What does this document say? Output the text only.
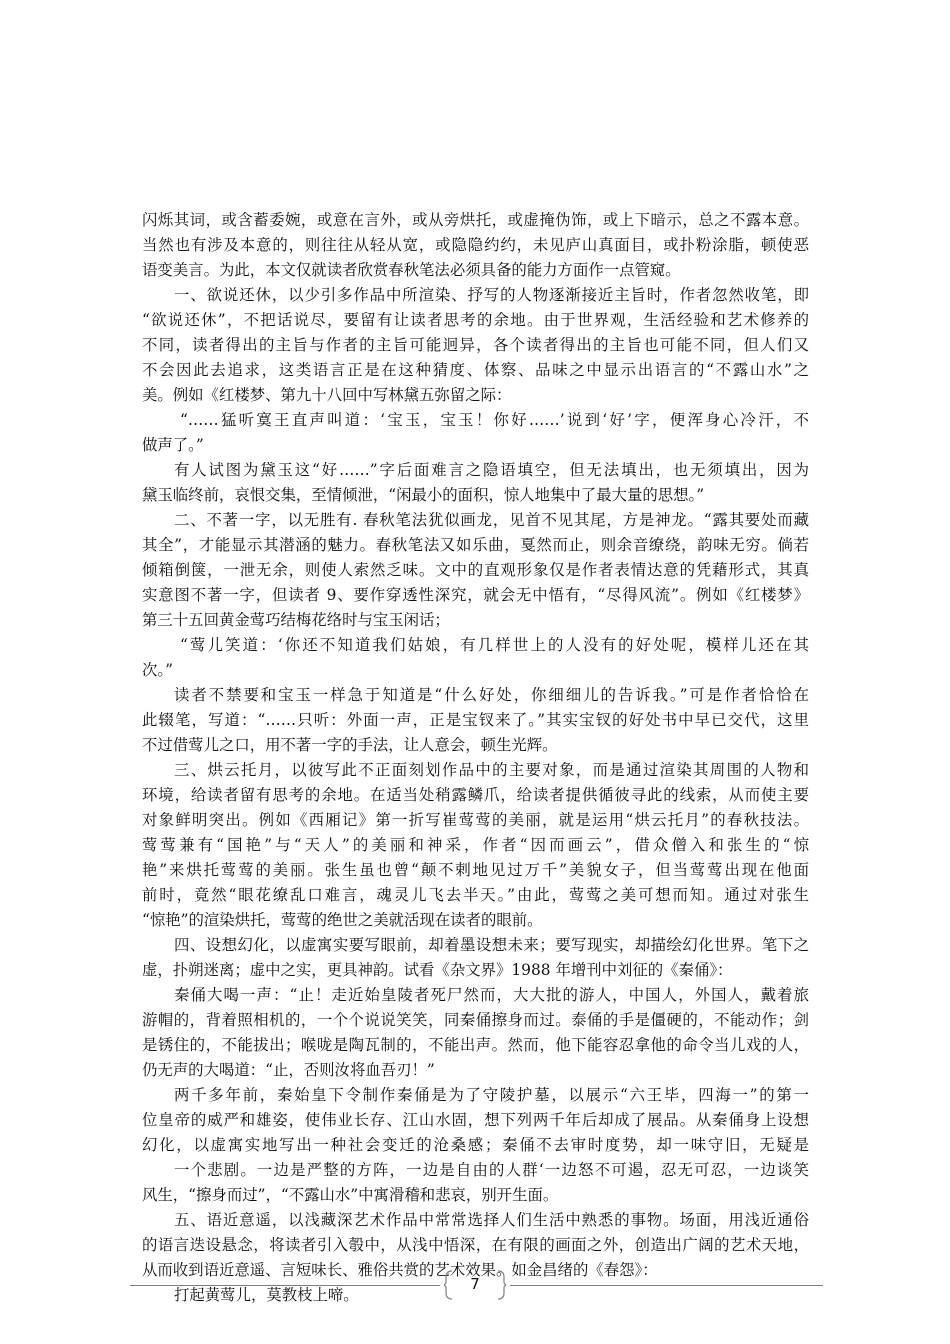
闪烁其词，或含蓄委婉，或意在言外，或从旁烘托，或虚掩伪饰，或上下暗示，总之不露本意。
当然也有涉及本意的，则往往从轻从宽，或隐隐约约，未见庐山真面目，或扑粉涂脂，顿使恶
语变美言。为此，本文仅就读者欣赏春秋笔法必须具备的能力方面作一点管窥。
一、欲说还休，以少引多作品中所渲染、抒写的人物逐渐接近主旨时，作者忽然收笔，即
“欲说还休”，不把话说尽，要留有让读者思考的余地。由于世界观，生活经验和艺术修养的
不同，读者得出的主旨与作者的主旨可能迥异，各个读者得出的主旨也可能不同，但人们又
不会因此去追求，这类语言正是在这种猜度、体察、品味之中显示出语言的“不露山水”之
美。例如《红楼梦、第九十八回中写林黛五弥留之际：
“……猛听寞王直声叫道：‘宝玉，宝玉！你好……’说到‘好’字，便浑身心冷汗，不
做声了。”
有人试图为黛玉这“好……”字后面难言之隐语填空，但无法填出，也无须填出，因为
黛玉临终前，哀恨交集，至情倾泄，“闲最小的面积，惊人地集中了最大量的思想。”
二、不著一字，以无胜有. 春秋笔法犹似画龙，见首不见其尾，方是神龙。“露其要处而藏
其全”，才能显示其潜涵的魅力。春秋笔法又如乐曲，戛然而止，则余音缭绕，韵味无穷。倘若
倾箱倒箧，一泄无余，则使人索然乏味。文中的直观形象仅是作者表情达意的凭藉形式，其真
实意图不著一字，但读者 9、要作穿透性深究，就会无中悟有，“尽得风流”。例如《红楼梦》
第三十五回黄金莺巧结梅花络时与宝玉闲话；
“莺儿笑道：‘你还不知道我们姑娘，有几样世上的人没有的好处呢，模样儿还在其
次。”
读者不禁要和宝玉一样急于知道是“什么好处，你细细儿的告诉我。”可是作者恰恰在
此辍笔，写道：“……只听：外面一声，正是宝钗来了。”其实宝钗的好处书中早已交代，这里
不过借莺儿之口，用不著一字的手法，让人意会，顿生光辉。
三、烘云托月，以彼写此不正面刻划作品中的主要对象，而是通过渲染其周围的人物和
环境，给读者留有思考的余地。在适当处稍露鳞爪，给读者提供循彼寻此的线索，从而使主要
对象鲜明突出。例如《西厢记》第一折写崔莺莺的美丽，就是运用“烘云托月”的春秋技法。
莺莺兼有“国艳”与“天人”的美丽和神采，作者“因而画云”，借众僧入和张生的“惊
艳”来烘托莺莺的美丽。张生虽也曾“颠不剌地见过万千”美貌女子，但当莺莺出现在他面
前时，竟然“眼花缭乱口难言，魂灵儿飞去半天。”由此，莺莺之美可想而知。通过对张生
“惊艳”的渲染烘托，莺莺的绝世之美就活现在读者的眼前。
四、设想幻化，以虚寓实要写眼前，却着墨设想未来；要写现实，却描绘幻化世界。笔下之
虚，扑朔迷离；虚中之实，更具神韵。试看《杂文界》1988 年增刊中刘征的《秦俑》：
秦俑大喝一声：“止！走近始皇陵者死尸然而，大大批的游人，中国人，外国人，戴着旅
游帽的，背着照相机的，一个个说说笑笑，同秦俑擦身而过。泰俑的手是僵硬的，不能动作；剑
是锈住的，不能拔出；喉咙是陶瓦制的，不能出声。然而，他下能容忍拿他的命令当儿戏的人，
仍无声的大喝道：“止，否则汝将血吾刃！”
两千多年前，秦始皇下令制作秦俑是为了守陵护墓，以展示“六王毕，四海一”的第一
位皇帝的威严和雄姿，使伟业长存、江山水固，想下列两千年后却成了展品。从秦俑身上设想
幻化，以虚寓实地写出一种社会变迁的沧桑感；秦俑不去审时度势，却一味守旧，无疑是
一个悲剧。一边是严整的方阵，一边是自由的人群‘一边怒不可遏，忍无可忍，一边谈笑
风生，“擦身而过”，“不露山水”中寓滑稽和悲哀，别开生面。
五、语近意遥，以浅藏深艺术作品中常常选择人们生活中熟悉的事物。场面，用浅近通俗
的语言迭设悬念，将读者引入彀中，从浅中悟深，在有限的画面之外，创造出广阔的艺术天地，
从而收到语近意遥、言短味长、雅俗共赏的艺术效果。如金昌绪的《春怨》：
打起黄莺儿，莫教枝上啼。
7
